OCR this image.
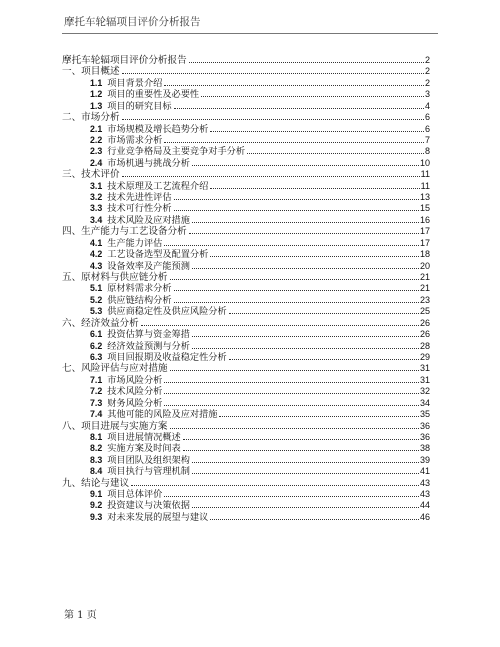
摩托车轮辐项目评价分析报告
摩托车轮辐项目评价分析报告	2
一、项目概述	2
1.1 项目背景介绍	2
1.2 项目的重要性及必要性	3
1.3 项目的研究目标	4
二、市场分析	6
2.1 市场规模及增长趋势分析	6
2.2 市场需求分析	7
2.3 行业竞争格局及主要竞争对手分析	8
2.4 市场机遇与挑战分析	10
三、技术评价	11
3.1 技术原理及工艺流程介绍	11
3.2 技术先进性评估	13
3.3 技术可行性分析	15
3.4 技术风险及应对措施	16
四、生产能力与工艺设备分析	17
4.1 生产能力评估	17
4.2 工艺设备选型及配置分析	18
4.3 设备效率及产能预测	20
五、原材料与供应链分析	21
5.1 原材料需求分析	21
5.2 供应链结构分析	23
5.3 供应商稳定性及供应风险分析	25
六、经济效益分析	26
6.1 投资估算与资金筹措	26
6.2 经济效益预测与分析	28
6.3 项目回报期及收益稳定性分析	29
七、风险评估与应对措施	31
7.1 市场风险分析	31
7.2 技术风险分析	32
7.3 财务风险分析	34
7.4 其他可能的风险及应对措施	35
八、项目进展与实施方案	36
8.1 项目进展情况概述	36
8.2 实施方案及时间表	38
8.3 项目团队及组织架构	39
8.4 项目执行与管理机制	41
九、结论与建议	43
9.1 项目总体评价	43
9.2 投资建议与决策依据	44
9.3 对未来发展的展望与建议	46
第 1 页
